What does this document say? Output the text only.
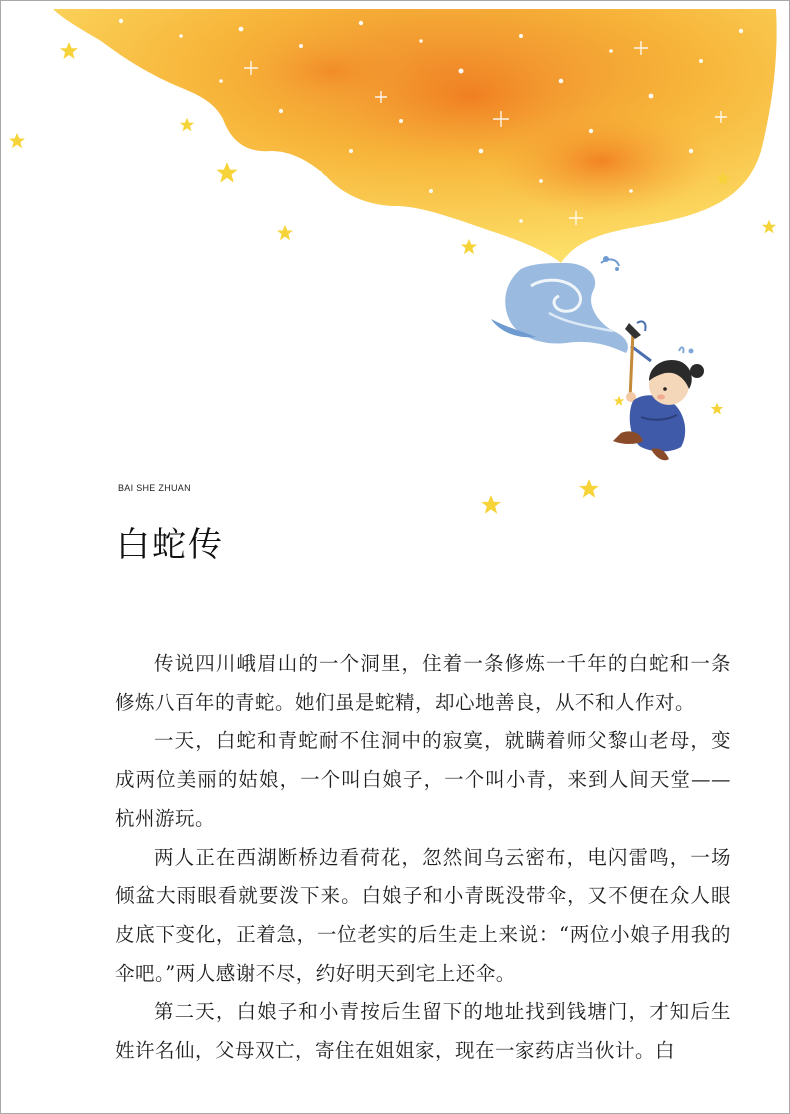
BAI SHE ZHUAN
白蛇传

传说四川峨眉山的一个洞里，住着一条修炼一千年的白蛇和一条修炼八百年的青蛇。她们虽是蛇精，却心地善良，从不和人作对。

一天，白蛇和青蛇耐不住洞中的寂寞，就瞒着师父黎山老母，变成两位美丽的姑娘，一个叫白娘子，一个叫小青，来到人间天堂——杭州游玩。

两人正在西湖断桥边看荷花，忽然间乌云密布，电闪雷鸣，一场倾盆大雨眼看就要泼下来。白娘子和小青既没带伞，又不便在众人眼皮底下变化，正着急，一位老实的后生走上来说：“两位小娘子用我的伞吧。”两人感谢不尽，约好明天到宅上还伞。

第二天，白娘子和小青按后生留下的地址找到钱塘门，才知后生姓许名仙，父母双亡，寄住在姐姐家，现在一家药店当伙计。白
